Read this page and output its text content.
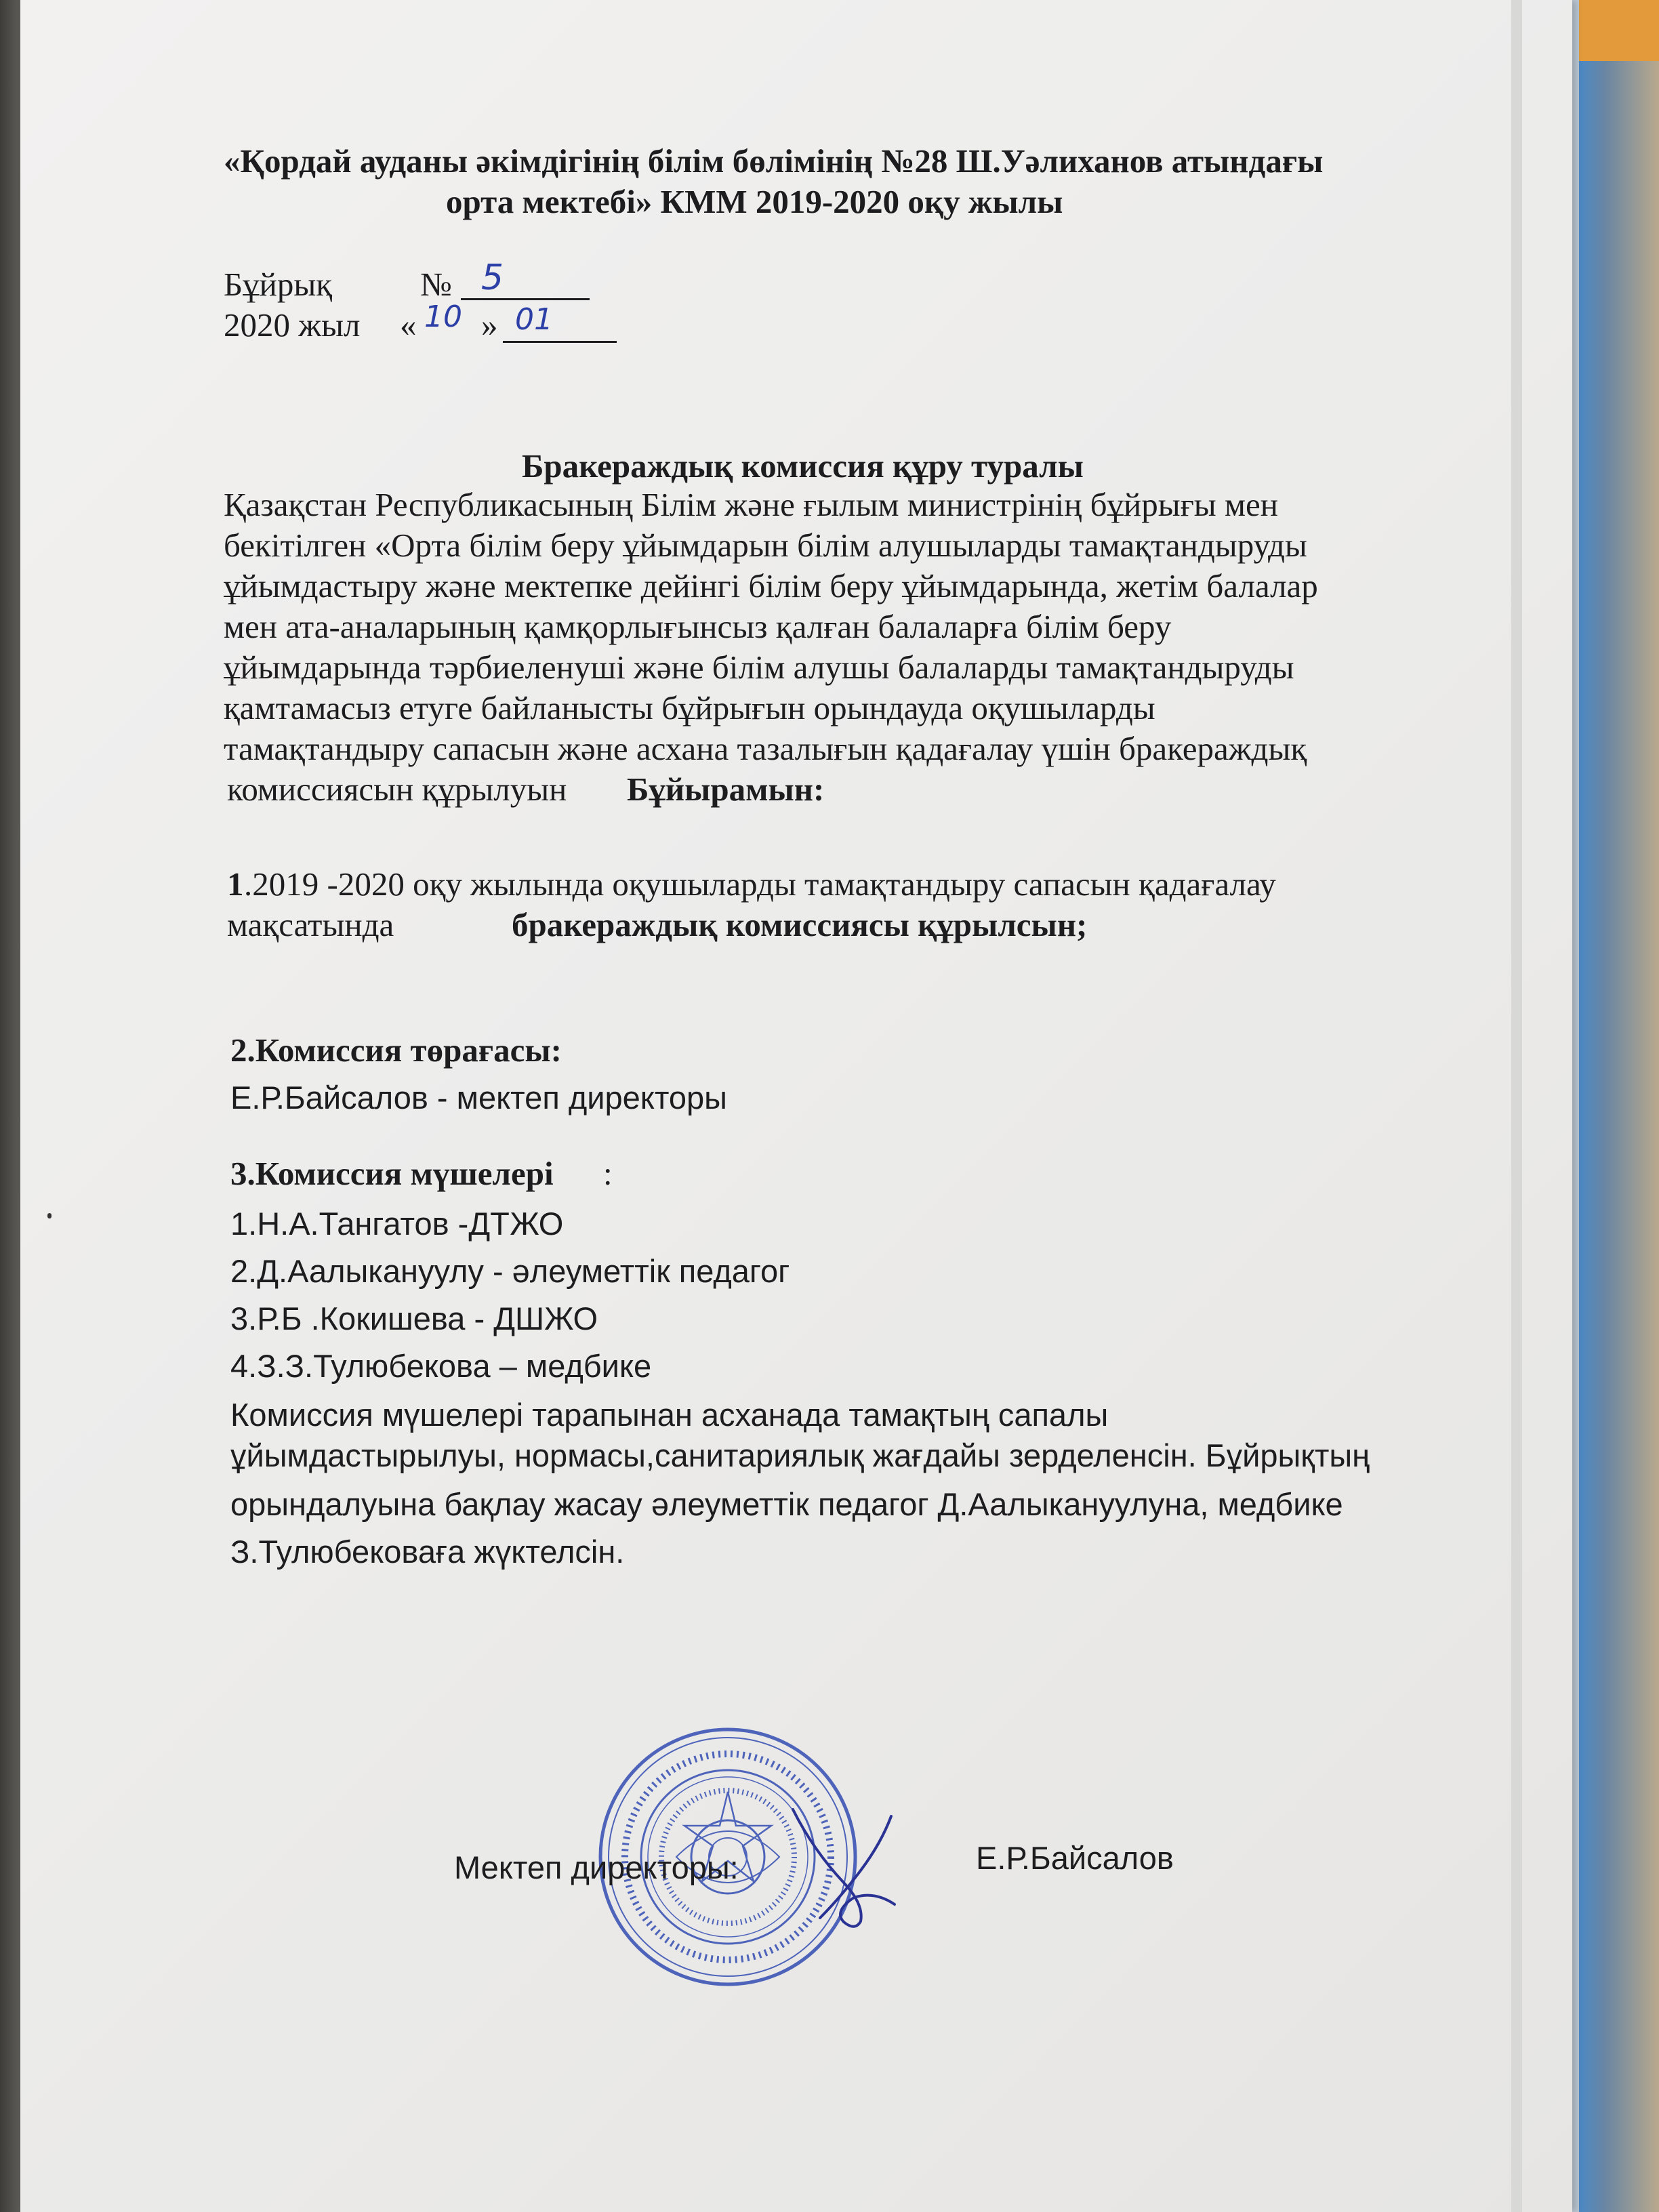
«Қордай ауданы әкімдігінің білім бөлімінің №28 Ш.Уәлиханов атындағы

орта мектебі» КММ 2019-2020 оқу жылы

Бұйрық	№ 5

2020 жыл « 10 » 01

Бракераждық комиссия құру туралы

Қазақстан Республикасының Білім және ғылым министрінің бұйрығы мен

бекітілген «Орта білім беру ұйымдарын білім алушыларды тамақтандыруды

ұйымдастыру және мектепке дейінгі білім беру ұйымдарында, жетім балалар

мен ата-аналарының қамқорлығынсыз қалған балаларға білім беру

ұйымдарында тәрбиеленуші және білім алушы балаларды тамақтандыруды

қамтамасыз етуге байланысты бұйрығын орындауда оқушыларды

тамақтандыру сапасын және асхана тазалығын қадағалау үшін бракераждық

комиссиясын құрылуын Бұйырамын:

1 .2019 -2020 оқу жылында оқушыларды тамақтандыру сапасын қадағалау

мақсатында	бракераждық комиссиясы құрылсын;

2.Комиссия төрағасы:

Е.Р.Байсалов - мектеп директоры

3.Комиссия мүшелері :

1.Н.А.Тангатов -ДТЖО

2.Д.Аалыкануулу - әлеуметтік педагог

3.Р.Б .Кокишева - ДШЖО

4.З.З.Тулюбекова – медбике

Комиссия мүшелері тарапынан асханада тамақтың сапалы

ұйымдастырылуы, нормасы,санитариялық жағдайы зерделенсін. Бұйрықтың

орындалуына бақлау жасау әлеуметтік педагог Д.Аалыкануулуна, медбике

З.Тулюбековаға жүктелсін.

Мектеп директоры:	Е.Р.Байсалов
